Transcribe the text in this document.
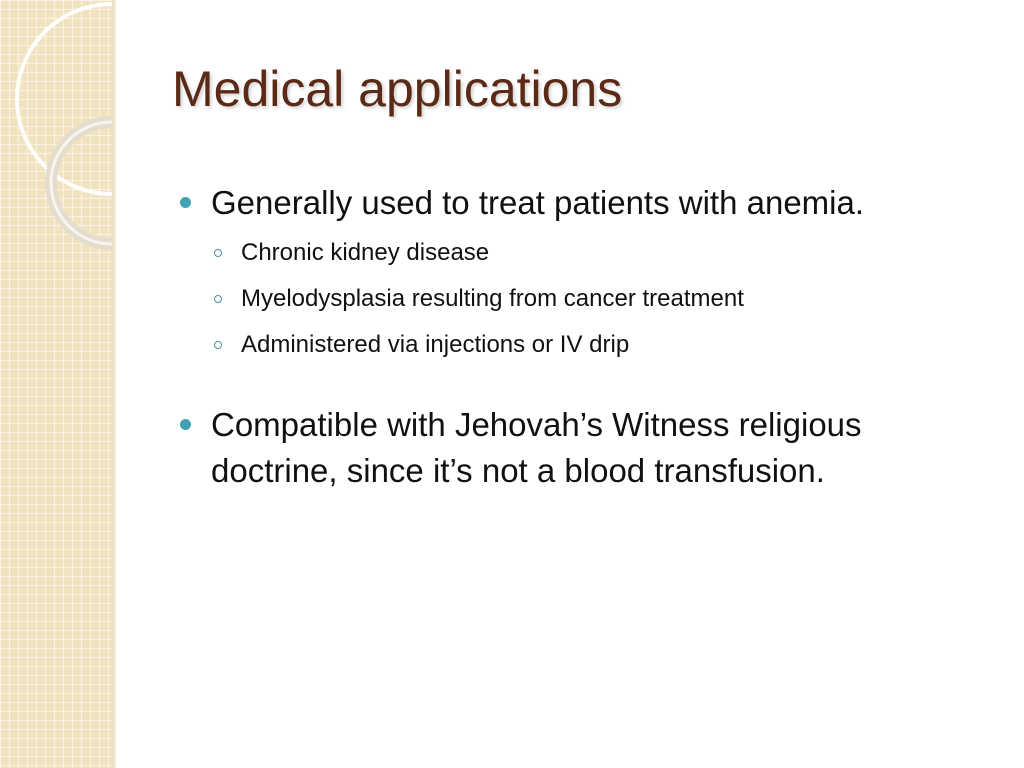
Medical applications
Generally used to treat patients with anemia.
Chronic kidney disease
Myelodysplasia resulting from cancer treatment
Administered via injections or IV drip
Compatible with Jehovah’s Witness religious
doctrine, since it’s not a blood transfusion.
